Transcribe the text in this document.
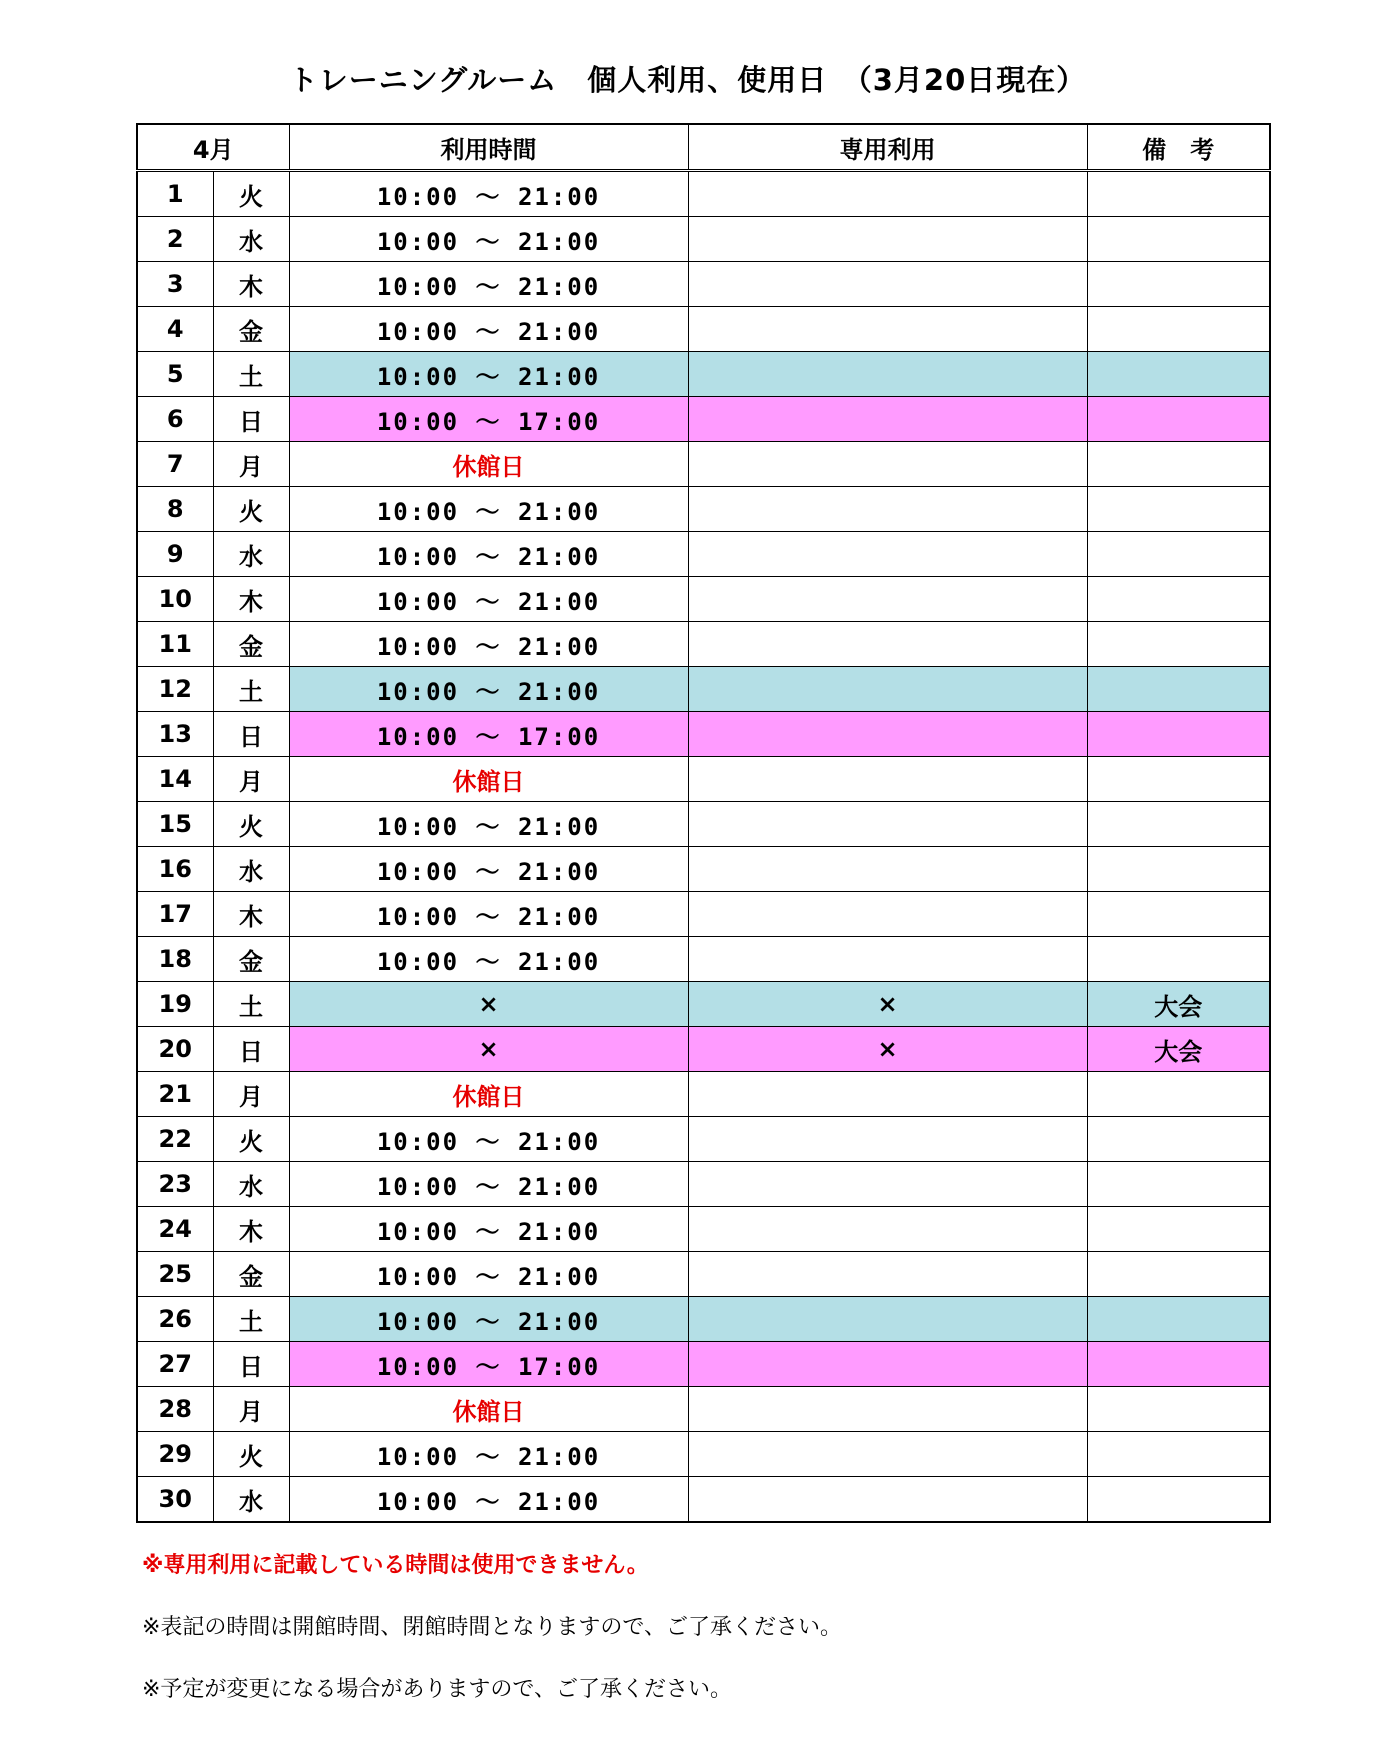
トレーニングルーム　個人利用、使用日　（3月20日現在）
4月		利用時間	専用利用	備　考
1	火	10:00 ～ 21:00		
2	水	10:00 ～ 21:00		
3	木	10:00 ～ 21:00		
4	金	10:00 ～ 21:00		
5	土	10:00 ～ 21:00		
6	日	10:00 ～ 17:00		
7	月	休館日		
8	火	10:00 ～ 21:00		
9	水	10:00 ～ 21:00		
10	木	10:00 ～ 21:00		
11	金	10:00 ～ 21:00		
12	土	10:00 ～ 21:00		
13	日	10:00 ～ 17:00		
14	月	休館日		
15	火	10:00 ～ 21:00		
16	水	10:00 ～ 21:00		
17	木	10:00 ～ 21:00		
18	金	10:00 ～ 21:00		
19	土	×	×	大会
20	日	×	×	大会
21	月	休館日		
22	火	10:00 ～ 21:00		
23	水	10:00 ～ 21:00		
24	木	10:00 ～ 21:00		
25	金	10:00 ～ 21:00		
26	土	10:00 ～ 21:00		
27	日	10:00 ～ 17:00		
28	月	休館日		
29	火	10:00 ～ 21:00		
30	水	10:00 ～ 21:00		
※専用利用に記載している時間は使用できません。
※表記の時間は開館時間、閉館時間となりますので、ご了承ください。
※予定が変更になる場合がありますので、ご了承ください。
